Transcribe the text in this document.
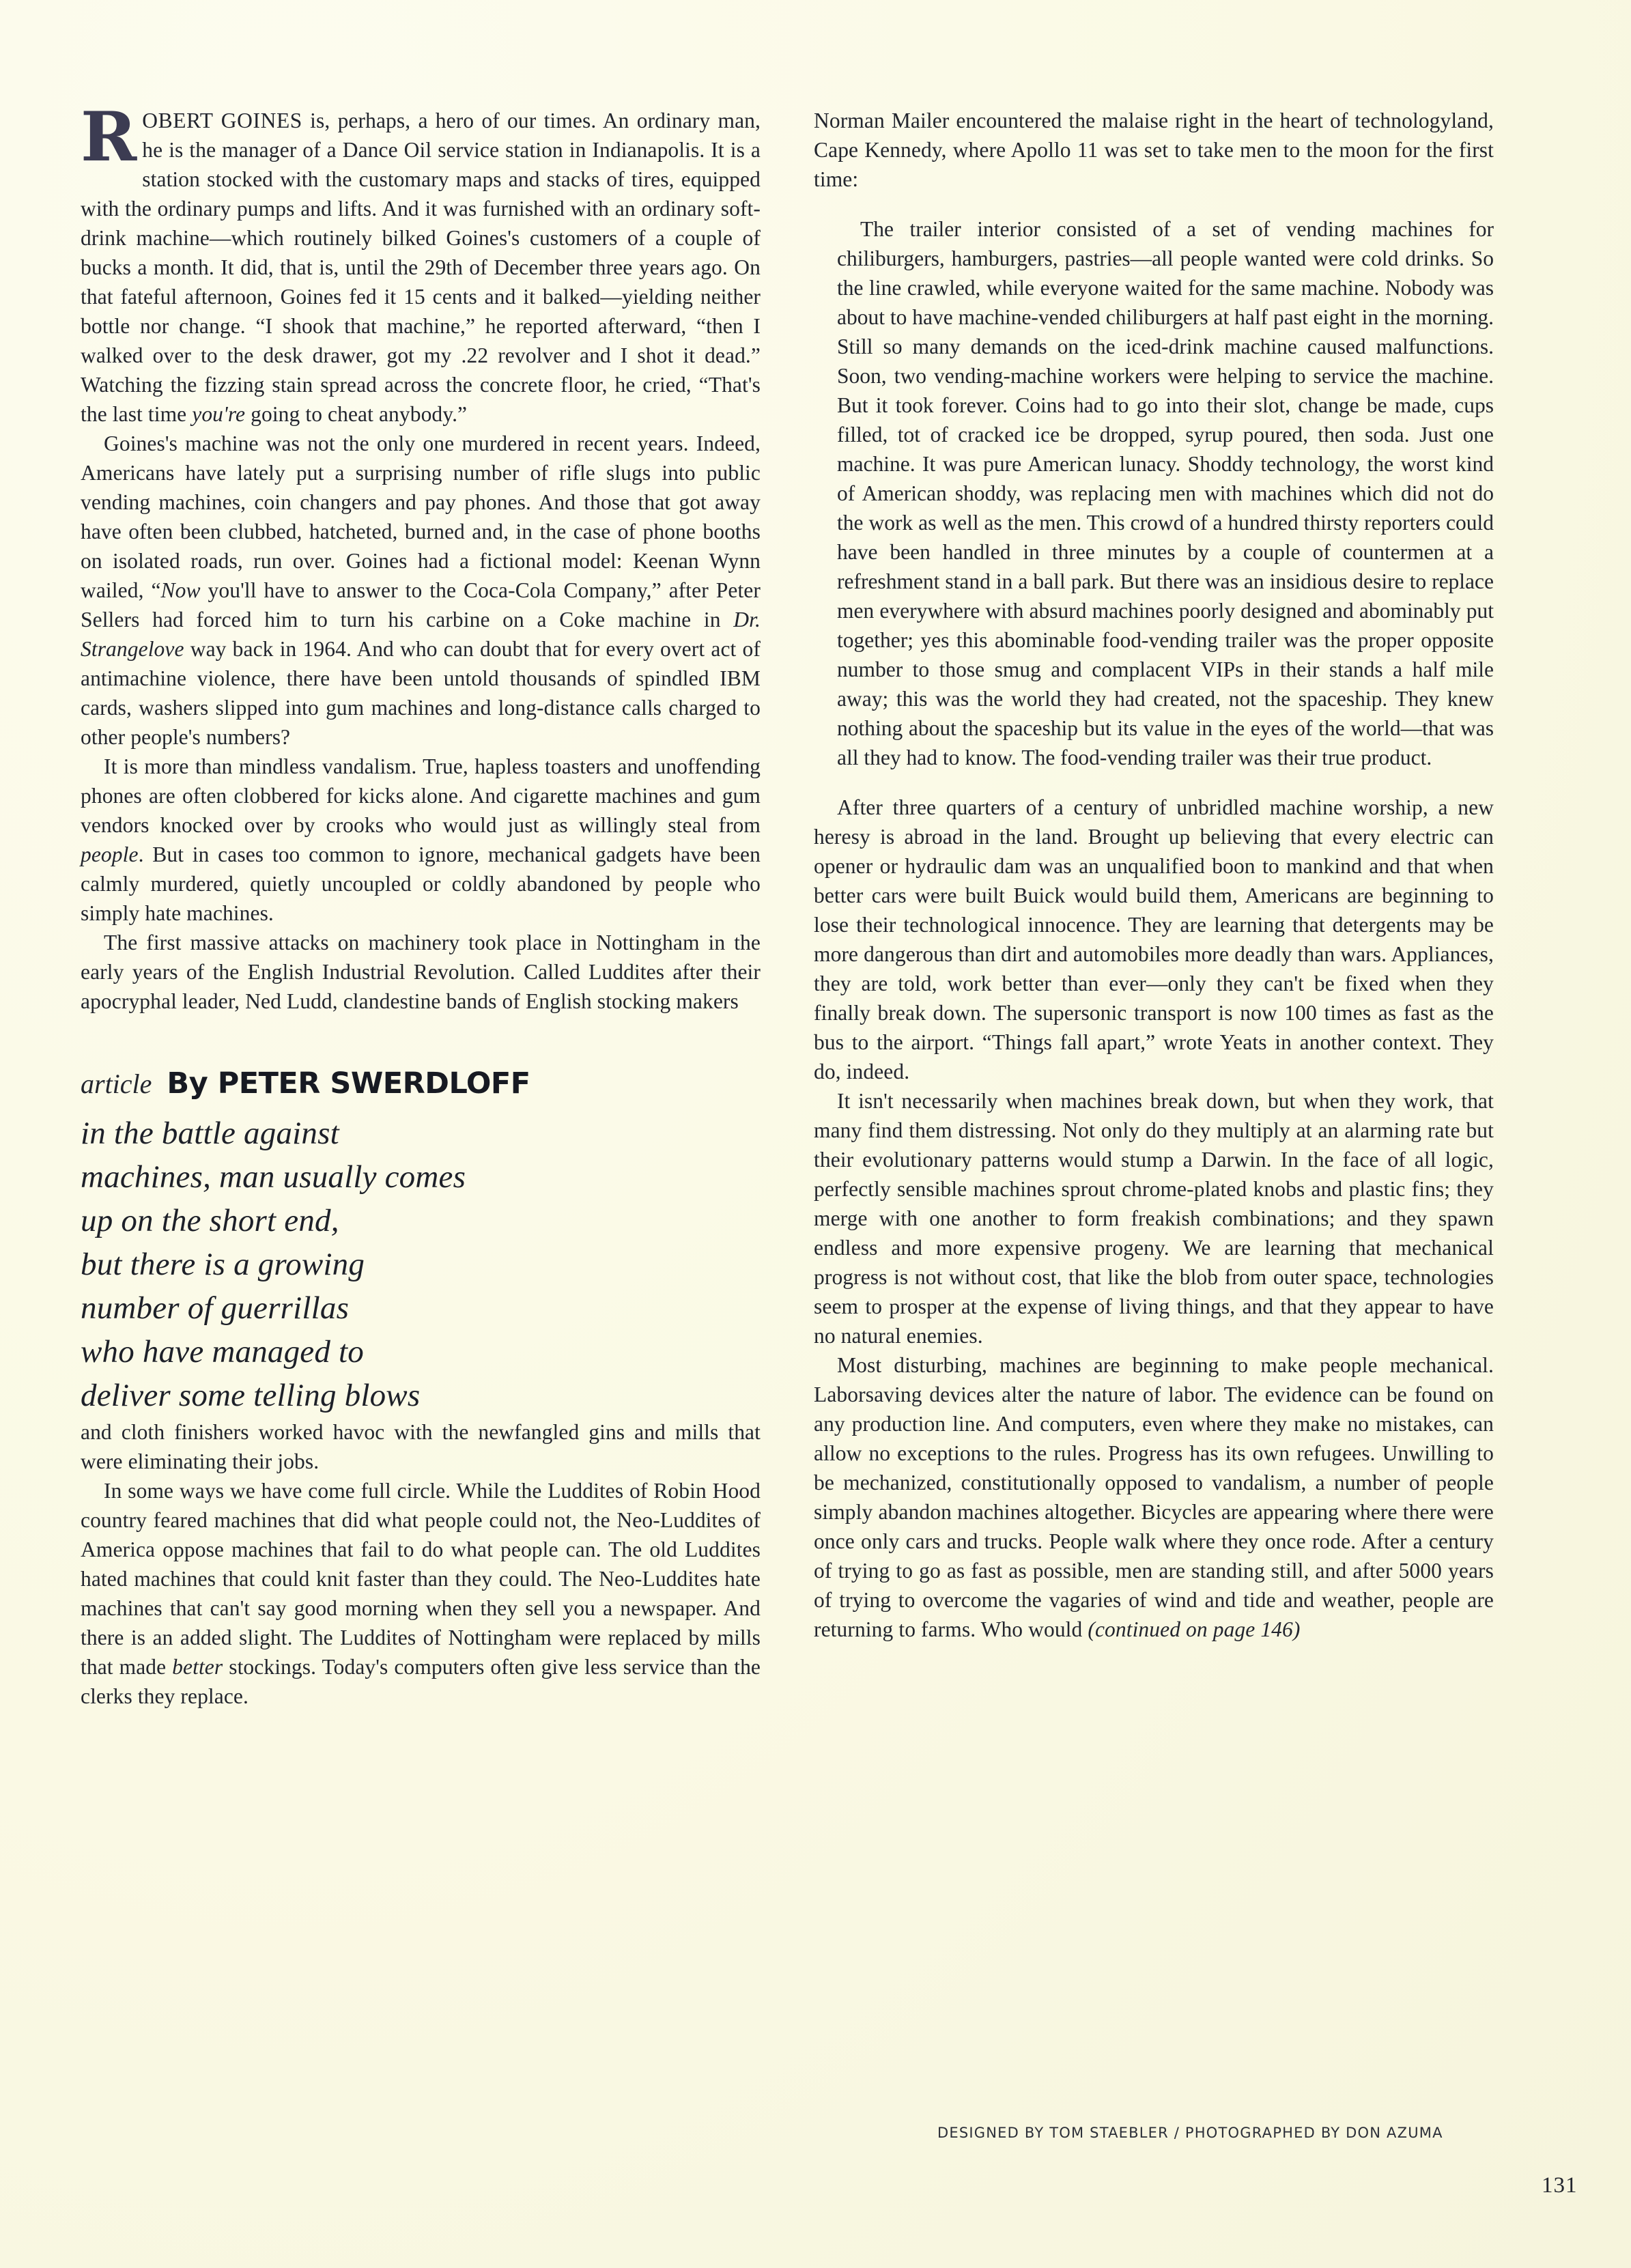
ROBERT GOINES is, perhaps, a hero of our times. An ordinary man, he is the manager of a Dance Oil service station in Indianapolis. It is a station stocked with the customary maps and stacks of tires, equipped with the ordinary pumps and lifts. And it was furnished with an ordinary soft-drink machine—which routinely bilked Goines's customers of a couple of bucks a month. It did, that is, until the 29th of December three years ago. On that fateful afternoon, Goines fed it 15 cents and it balked—yielding neither bottle nor change. “I shook that machine,” he reported afterward, “then I walked over to the desk drawer, got my .22 revolver and I shot it dead.” Watching the fizzing stain spread across the concrete floor, he cried, “That's the last time you're going to cheat anybody.”

Goines's machine was not the only one murdered in recent years. Indeed, Americans have lately put a surprising number of rifle slugs into public vending machines, coin changers and pay phones. And those that got away have often been clubbed, hatcheted, burned and, in the case of phone booths on isolated roads, run over. Goines had a fictional model: Keenan Wynn wailed, “Now you'll have to answer to the Coca-Cola Company,” after Peter Sellers had forced him to turn his carbine on a Coke machine in Dr. Strangelove way back in 1964. And who can doubt that for every overt act of antimachine violence, there have been untold thousands of spindled IBM cards, washers slipped into gum machines and long-distance calls charged to other people's numbers?

It is more than mindless vandalism. True, hapless toasters and unoffending phones are often clobbered for kicks alone. And cigarette machines and gum vendors knocked over by crooks who would just as willingly steal from people. But in cases too common to ignore, mechanical gadgets have been calmly murdered, quietly uncoupled or coldly abandoned by people who simply hate machines.

The first massive attacks on machinery took place in Nottingham in the early years of the English Industrial Revolution. Called Luddites after their apocryphal leader, Ned Ludd, clandestine bands of English stocking makers

article By PETER SWERDLOFF
in the battle against
machines, man usually comes
up on the short end,
but there is a growing
number of guerrillas
who have managed to
deliver some telling blows

and cloth finishers worked havoc with the newfangled gins and mills that were eliminating their jobs.

In some ways we have come full circle. While the Luddites of Robin Hood country feared machines that did what people could not, the Neo-Luddites of America oppose machines that fail to do what people can. The old Luddites hated machines that could knit faster than they could. The Neo-Luddites hate machines that can't say good morning when they sell you a newspaper. And there is an added slight. The Luddites of Nottingham were replaced by mills that made better stockings. Today's computers often give less service than the clerks they replace.

Norman Mailer encountered the malaise right in the heart of technologyland, Cape Kennedy, where Apollo 11 was set to take men to the moon for the first time:

The trailer interior consisted of a set of vending machines for chiliburgers, hamburgers, pastries—all people wanted were cold drinks. So the line crawled, while everyone waited for the same machine. Nobody was about to have machine-vended chiliburgers at half past eight in the morning. Still so many demands on the iced-drink machine caused malfunctions. Soon, two vending-machine workers were helping to service the machine. But it took forever. Coins had to go into their slot, change be made, cups filled, tot of cracked ice be dropped, syrup poured, then soda. Just one machine. It was pure American lunacy. Shoddy technology, the worst kind of American shoddy, was replacing men with machines which did not do the work as well as the men. This crowd of a hundred thirsty reporters could have been handled in three minutes by a couple of countermen at a refreshment stand in a ball park. But there was an insidious desire to replace men everywhere with absurd machines poorly designed and abominably put together; yes this abominable food-vending trailer was the proper opposite number to those smug and complacent VIPs in their stands a half mile away; this was the world they had created, not the spaceship. They knew nothing about the spaceship but its value in the eyes of the world—that was all they had to know. The food-vending trailer was their true product.

After three quarters of a century of unbridled machine worship, a new heresy is abroad in the land. Brought up believing that every electric can opener or hydraulic dam was an unqualified boon to mankind and that when better cars were built Buick would build them, Americans are beginning to lose their technological innocence. They are learning that detergents may be more dangerous than dirt and automobiles more deadly than wars. Appliances, they are told, work better than ever—only they can't be fixed when they finally break down. The supersonic transport is now 100 times as fast as the bus to the airport. “Things fall apart,” wrote Yeats in another context. They do, indeed.

It isn't necessarily when machines break down, but when they work, that many find them distressing. Not only do they multiply at an alarming rate but their evolutionary patterns would stump a Darwin. In the face of all logic, perfectly sensible machines sprout chrome-plated knobs and plastic fins; they merge with one another to form freakish combinations; and they spawn endless and more expensive progeny. We are learning that mechanical progress is not without cost, that like the blob from outer space, technologies seem to prosper at the expense of living things, and that they appear to have no natural enemies.

Most disturbing, machines are beginning to make people mechanical. Laborsaving devices alter the nature of labor. The evidence can be found on any production line. And computers, even where they make no mistakes, can allow no exceptions to the rules. Progress has its own refugees. Unwilling to be mechanized, constitutionally opposed to vandalism, a number of people simply abandon machines altogether. Bicycles are appearing where there were once only cars and trucks. People walk where they once rode. After a century of trying to go as fast as possible, men are standing still, and after 5000 years of trying to overcome the vagaries of wind and tide and weather, people are returning to farms. Who would (continued on page 146)

DESIGNED BY TOM STAEBLER / PHOTOGRAPHED BY DON AZUMA
131
